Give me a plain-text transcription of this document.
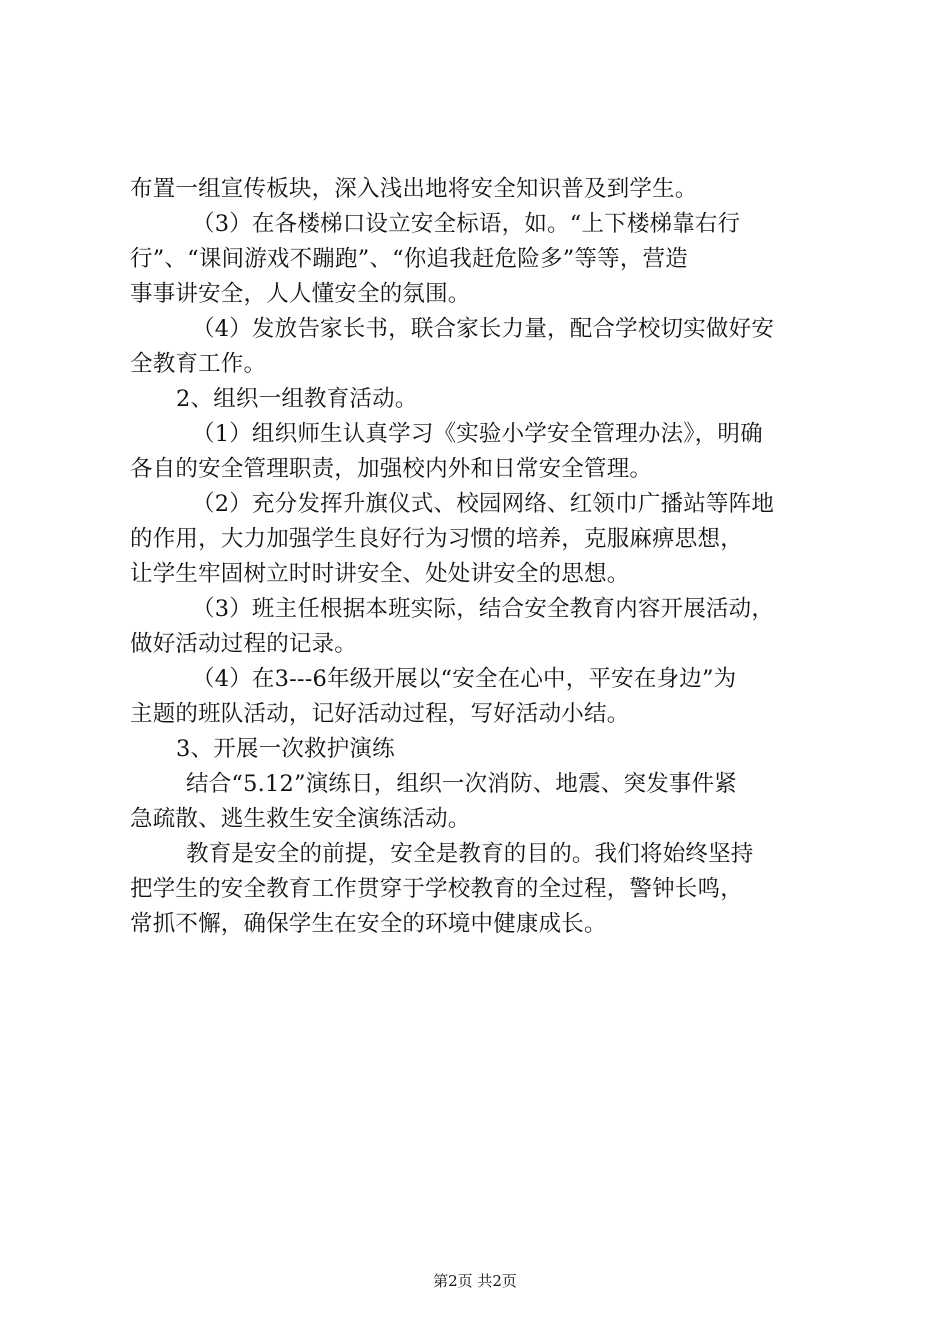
布置一组宣传板块，深入浅出地将安全知识普及到学生。
（3）在各楼梯口设立安全标语，如。“上下楼梯靠右行
行”、“课间游戏不蹦跑”、“你追我赶危险多”等等，营造
事事讲安全，人人懂安全的氛围。
（4）发放告家长书，联合家长力量，配合学校切实做好安
全教育工作。
2、组织一组教育活动。
（1）组织师生认真学习《实验小学安全管理办法》，明确
各自的安全管理职责，加强校内外和日常安全管理。
（2）充分发挥升旗仪式、校园网络、红领巾广播站等阵地
的作用，大力加强学生良好行为习惯的培养，克服麻痹思想，
让学生牢固树立时时讲安全、处处讲安全的思想。
（3）班主任根据本班实际，结合安全教育内容开展活动，
做好活动过程的记录。
（4）在3---6年级开展以“安全在心中，平安在身边”为
主题的班队活动，记好活动过程，写好活动小结。
3、开展一次救护演练
结合“5.12”演练日，组织一次消防、地震、突发事件紧
急疏散、逃生救生安全演练活动。
教育是安全的前提，安全是教育的目的。我们将始终坚持
把学生的安全教育工作贯穿于学校教育的全过程，警钟长鸣，
常抓不懈，确保学生在安全的环境中健康成长。
第2页 共2页
